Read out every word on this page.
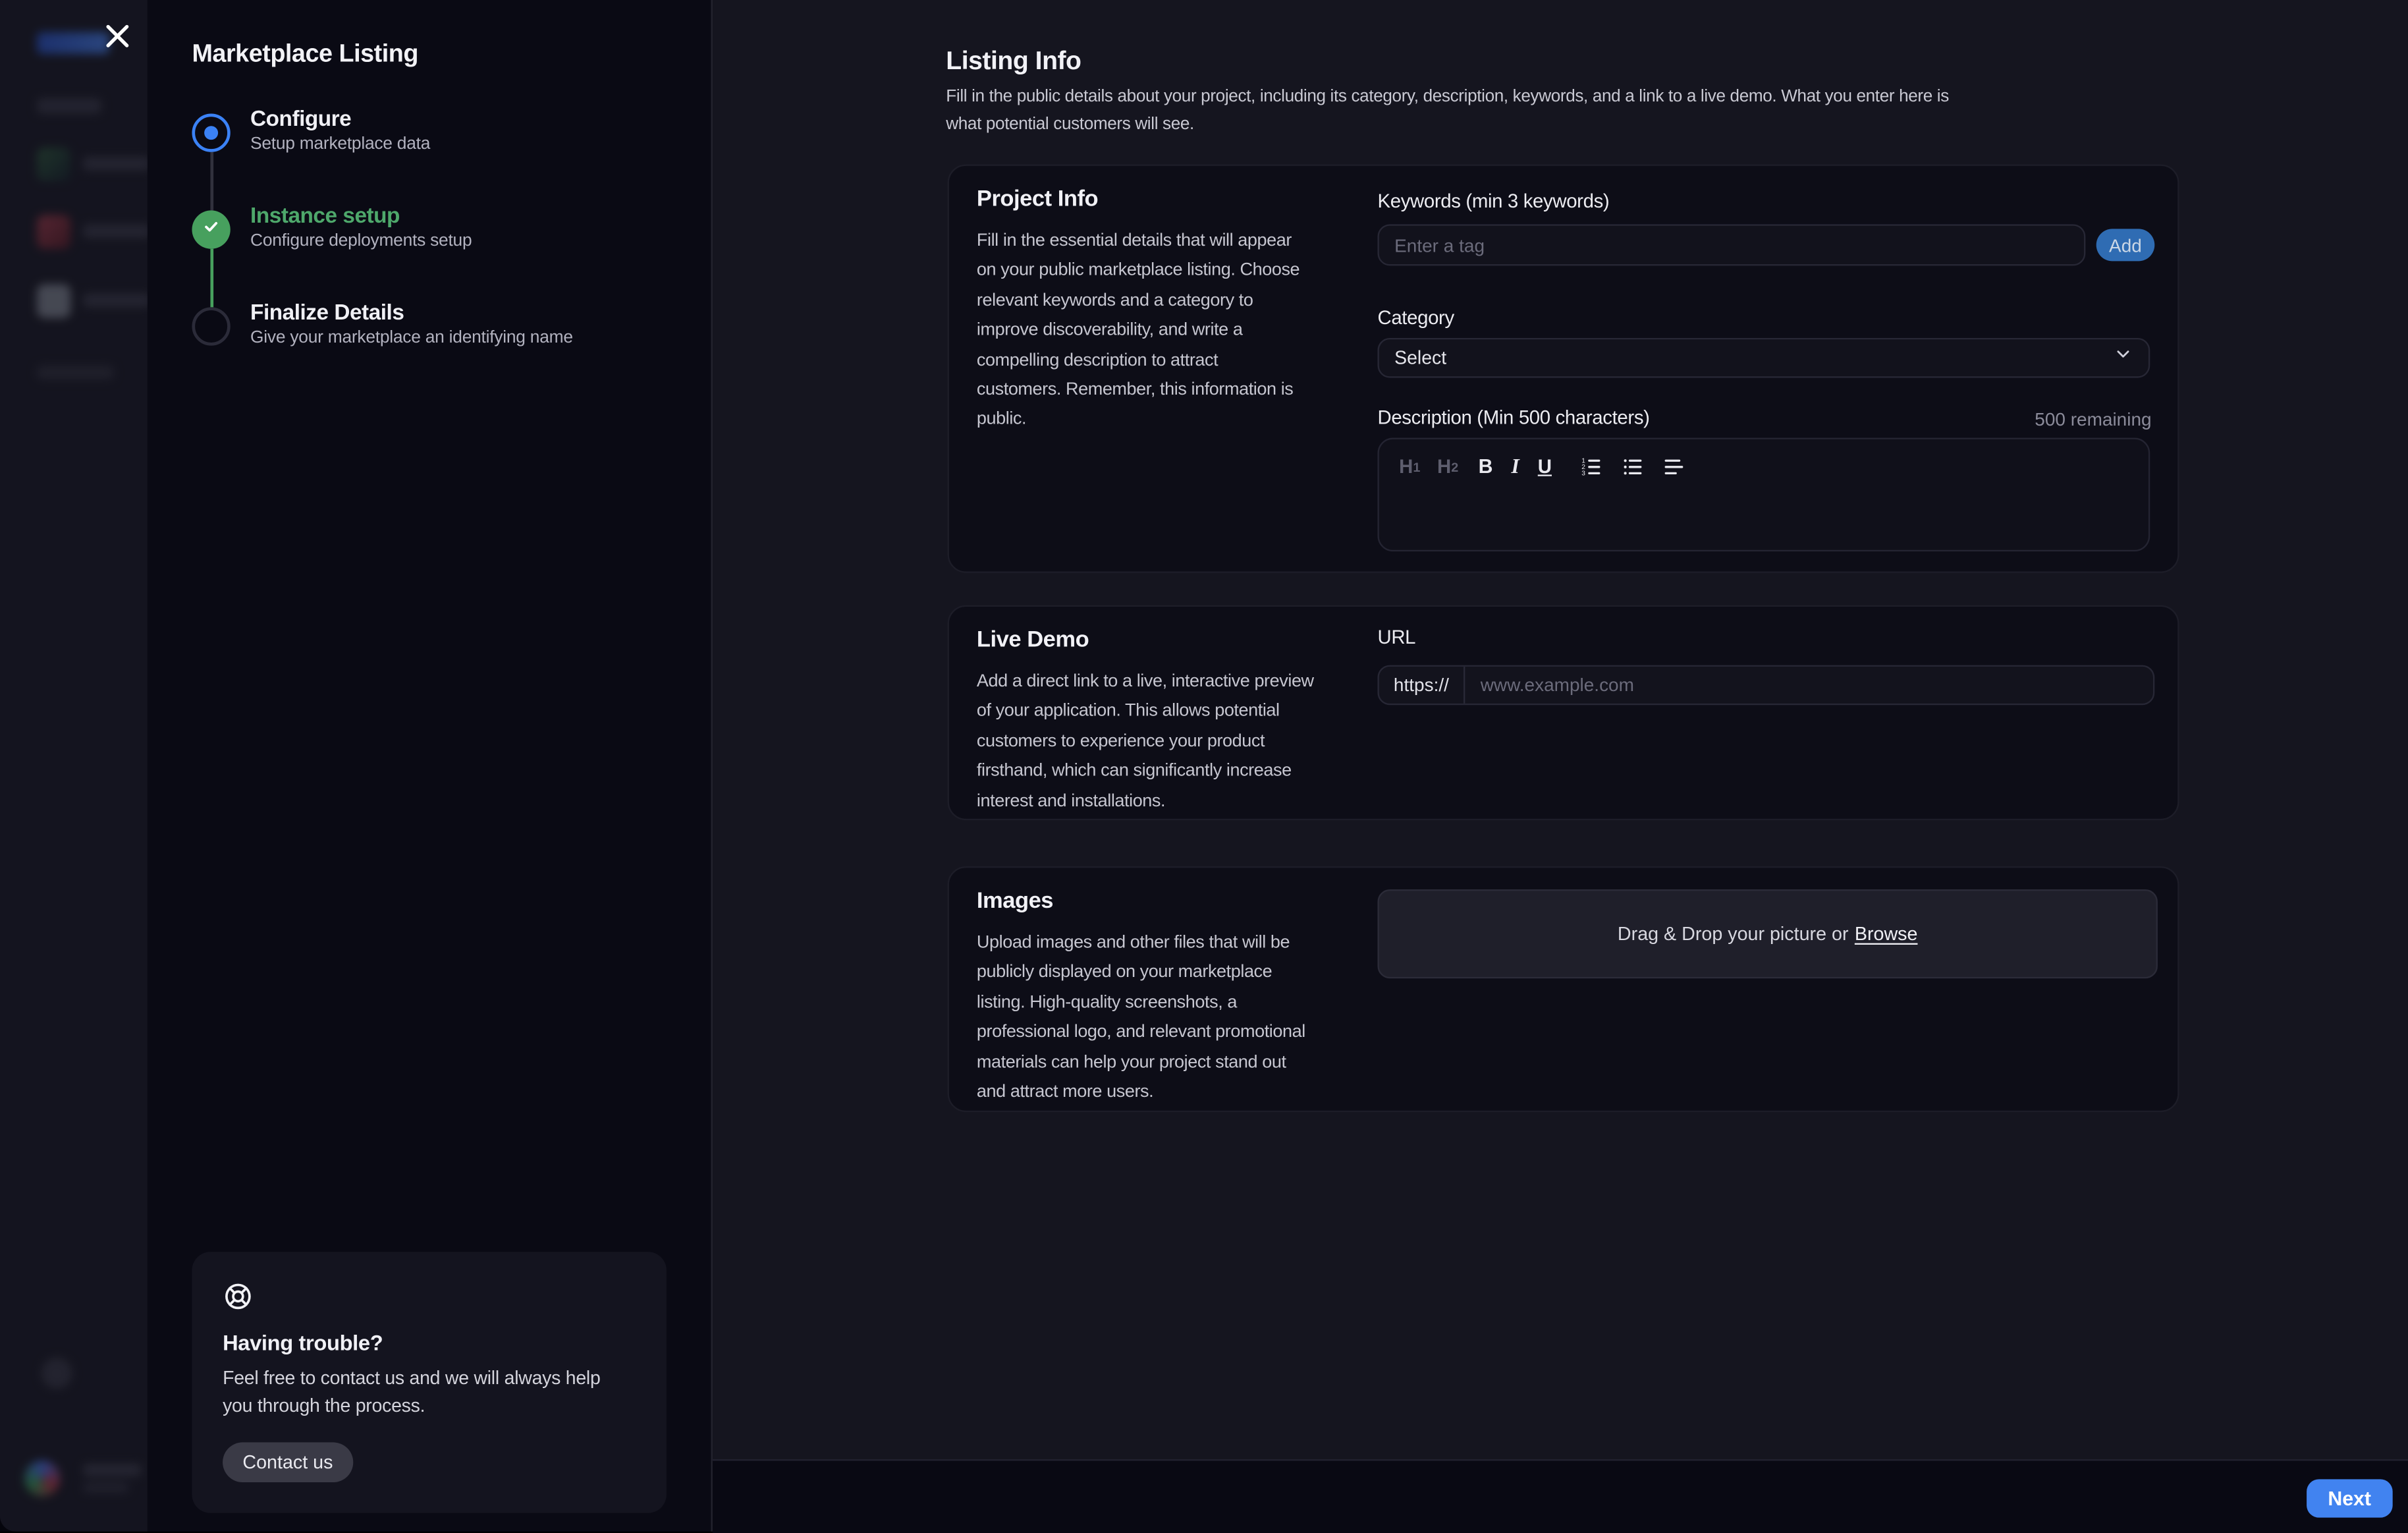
Marketplace Listing
Configure
Setup marketplace data
Instance setup
Configure deployments setup
Finalize Details
Give your marketplace an identifying name
Having trouble?
Feel free to contact us and we will always help
you through the process.
Contact us
Listing Info
Fill in the public details about your project, including its category, description, keywords, and a link to a live demo. What you enter here is
what potential customers will see.
Project Info
Fill in the essential details that will appear
on your public marketplace listing. Choose
relevant keywords and a category to
improve discoverability, and write a
compelling description to attract
customers. Remember, this information is
public.
Keywords (min 3 keywords)
Enter a tag
Add
Category
Select
Description (Min 500 characters)	500 remaining
H 1 H 2 B I U	1
2
3
Live Demo
Add a direct link to a live, interactive preview
of your application. This allows potential
customers to experience your product
firsthand, which can significantly increase
interest and installations.
URL
https://
www.example.com
Images
Upload images and other files that will be
publicly displayed on your marketplace
listing. High-quality screenshots, a
professional logo, and relevant promotional
materials can help your project stand out
and attract more users.
Drag & Drop your picture or Browse
Next
